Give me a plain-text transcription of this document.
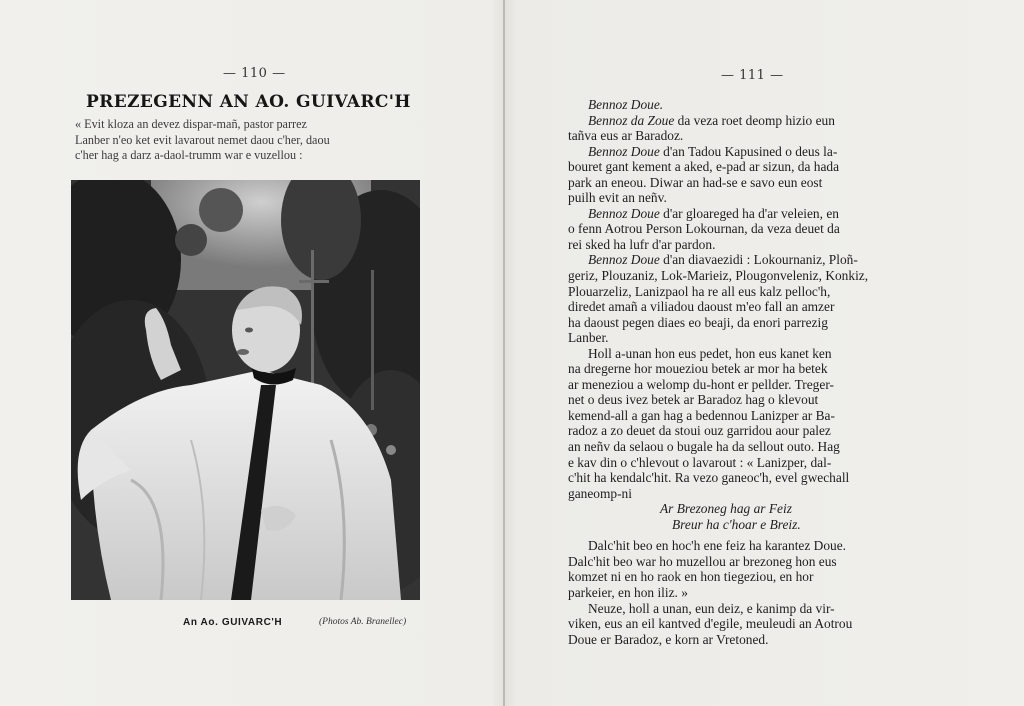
— 110 —
PREZEGENN AN AO. GUIVARC'H
« Evit kloza an devez dispar-mañ, pastor parrez
Lanber n'eo ket evit lavarout nemet daou c'her, daou
c'her hag a darz a-daol-trumm war e vuzellou :
An Ao. GUIVARC'H	(Photos Ab. Branellec)
— 111 —
Bennoz Doue.
Bennoz da Zoue da veza roet deomp hizio eun
tañva eus ar Baradoz.
Bennoz Doue d'an Tadou Kapusined o deus la-
bouret gant kement a aked, e-pad ar sizun, da hada
park an eneou. Diwar an had-se e savo eun eost
puilh evit an neñv.
Bennoz Doue d'ar gloareged ha d'ar veleien, en
o fenn Aotrou Person Lokournan, da veza deuet da
rei sked ha lufr d'ar pardon.
Bennoz Doue d'an diavaezidi : Lokournaniz, Ploñ-
geriz, Plouzaniz, Lok-Marieiz, Plougonveleniz, Konkiz,
Plouarzeliz, Lanizpaol ha re all eus kalz pelloc'h,
diredet amañ a viliadou daoust m'eo fall an amzer
ha daoust pegen diaes eo beaji, da enori parrezig
Lanber.
Holl a-unan hon eus pedet, hon eus kanet ken
na dregerne hor moueziou betek ar mor ha betek
ar meneziou a welomp du-hont er pellder. Treger-
net o deus ivez betek ar Baradoz hag o klevout
kemend-all a gan hag a bedennou Lanizper ar Ba-
radoz a zo deuet da stoui ouz garridou aour palez
an neñv da selaou o bugale ha da sellout outo. Hag
e kav din o c'hlevout o lavarout : « Lanizper, dal-
c'hit ha kendalc'hit. Ra vezo ganeoc'h, evel gwechall
ganeomp-ni
Ar Brezoneg hag ar Feiz
Breur ha c'hoar e Breiz.
Dalc'hit beo en hoc'h ene feiz ha karantez Doue.
Dalc'hit beo war ho muzellou ar brezoneg hon eus
komzet ni en ho raok en hon tiegeziou, en hor
parkeier, en hon iliz. »
Neuze, holl a unan, eun deiz, e kanimp da vir-
viken, eus an eil kantved d'egile, meuleudi an Aotrou
Doue er Baradoz, e korn ar Vretoned.
